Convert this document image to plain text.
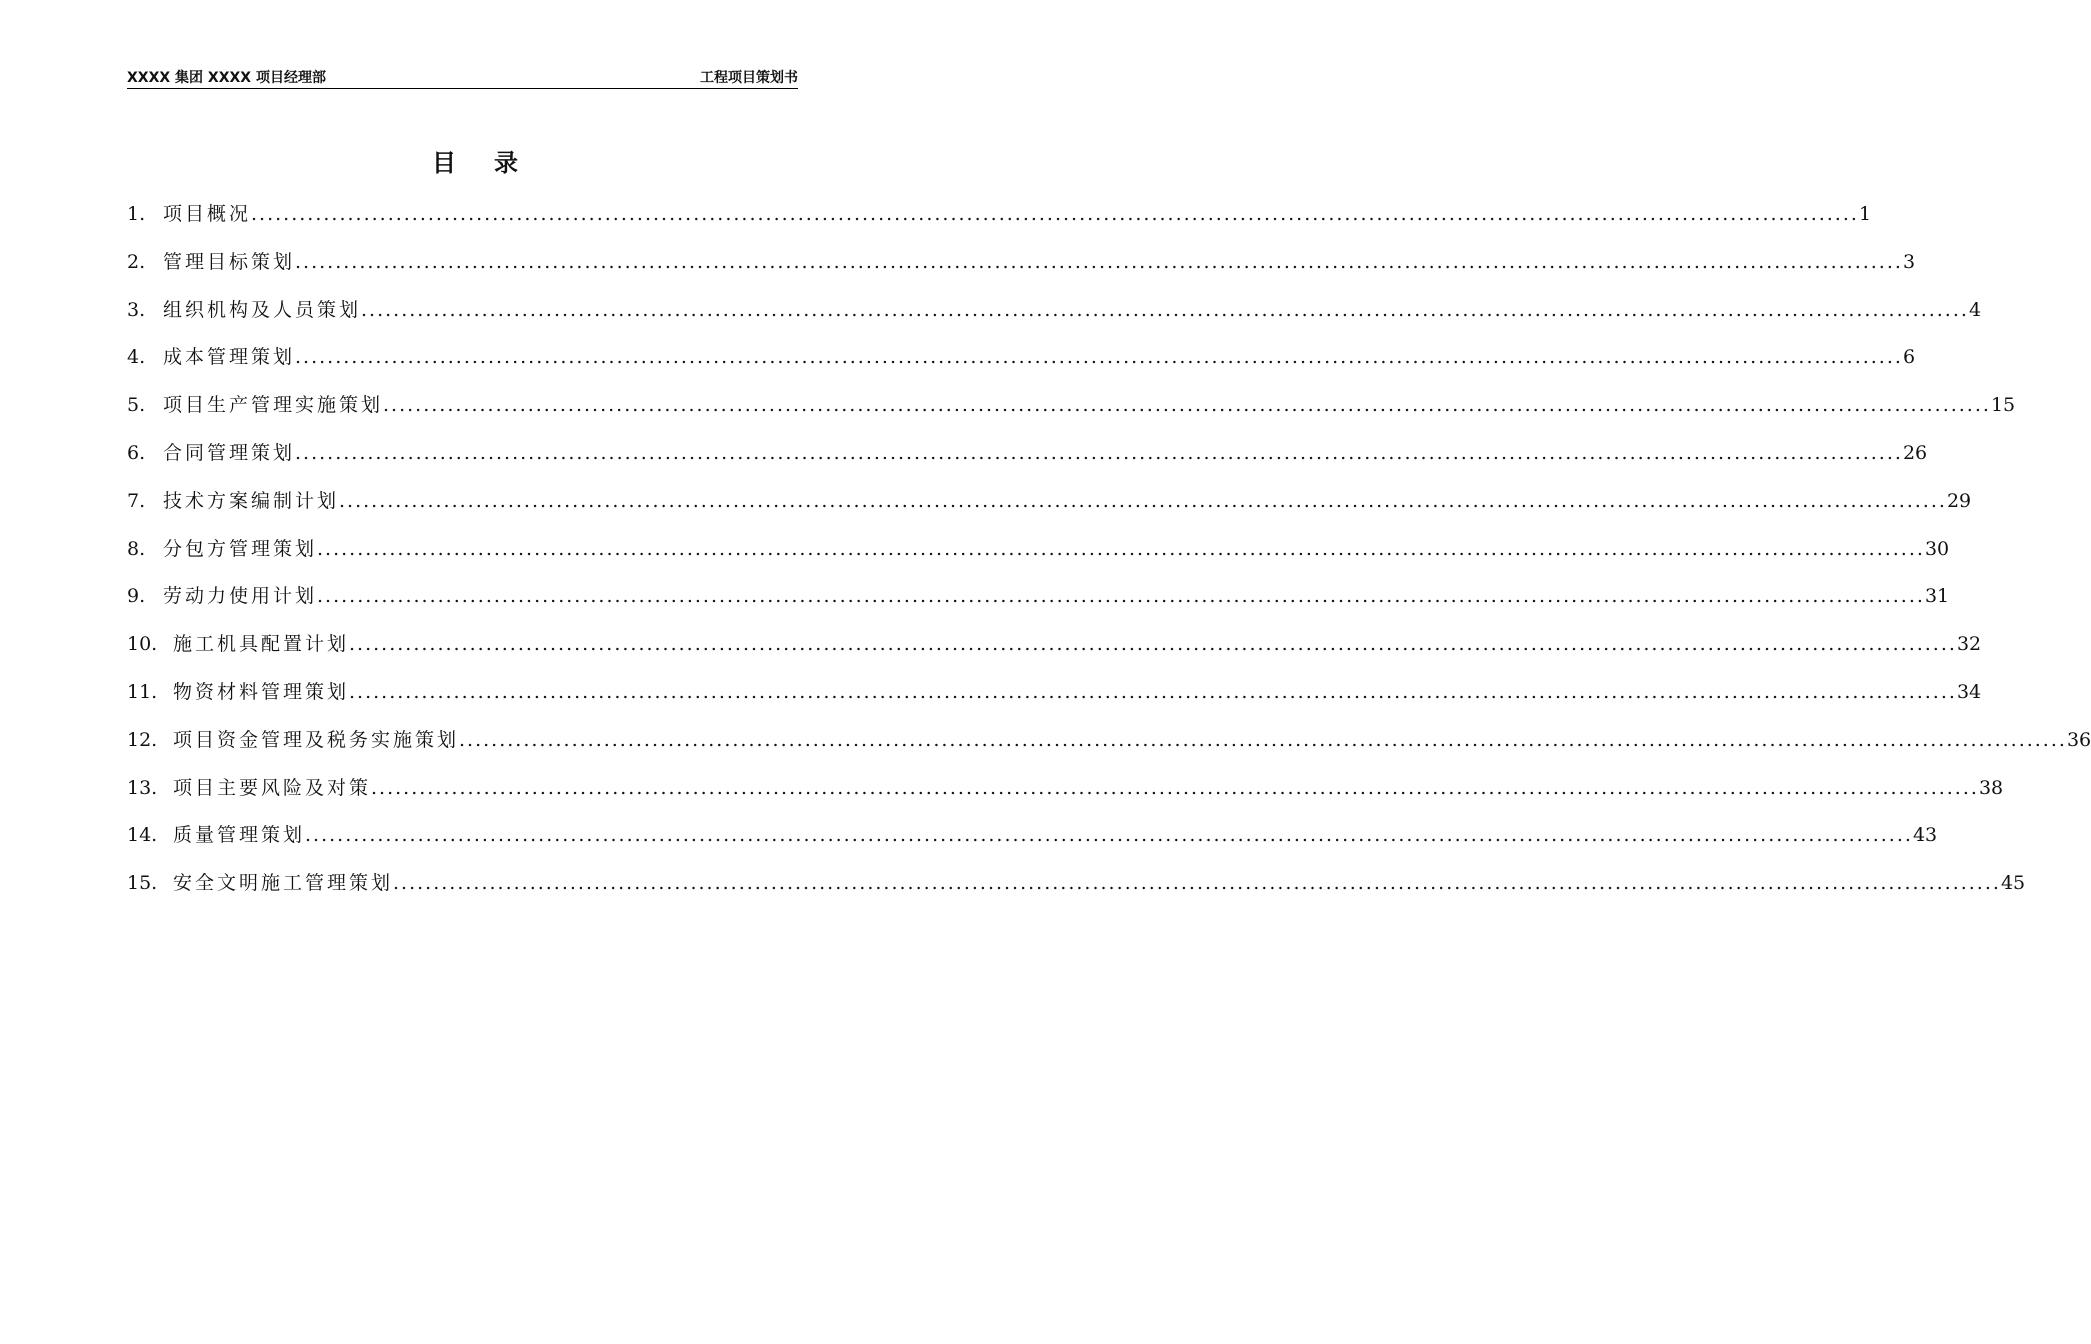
XXXX 集团 XXXX 项目经理部	工程项目策划书
目录
1. 项目概况 ........................................................................................................................................................................................................ 1
2. 管理目标策划 ........................................................................................................................................................................................................ 3
3. 组织机构及人员策划 ........................................................................................................................................................................................................ 4
4. 成本管理策划 ........................................................................................................................................................................................................ 6
5. 项目生产管理实施策划 ........................................................................................................................................................................................................ 15
6. 合同管理策划 ........................................................................................................................................................................................................ 26
7. 技术方案编制计划 ........................................................................................................................................................................................................ 29
8. 分包方管理策划 ........................................................................................................................................................................................................ 30
9. 劳动力使用计划 ........................................................................................................................................................................................................ 31
10. 施工机具配置计划 ........................................................................................................................................................................................................ 32
11. 物资材料管理策划 ........................................................................................................................................................................................................ 34
12. 项目资金管理及税务实施策划 ........................................................................................................................................................................................................ 36
13. 项目主要风险及对策 ........................................................................................................................................................................................................ 38
14. 质量管理策划 ........................................................................................................................................................................................................ 43
15. 安全文明施工管理策划 ........................................................................................................................................................................................................ 45
